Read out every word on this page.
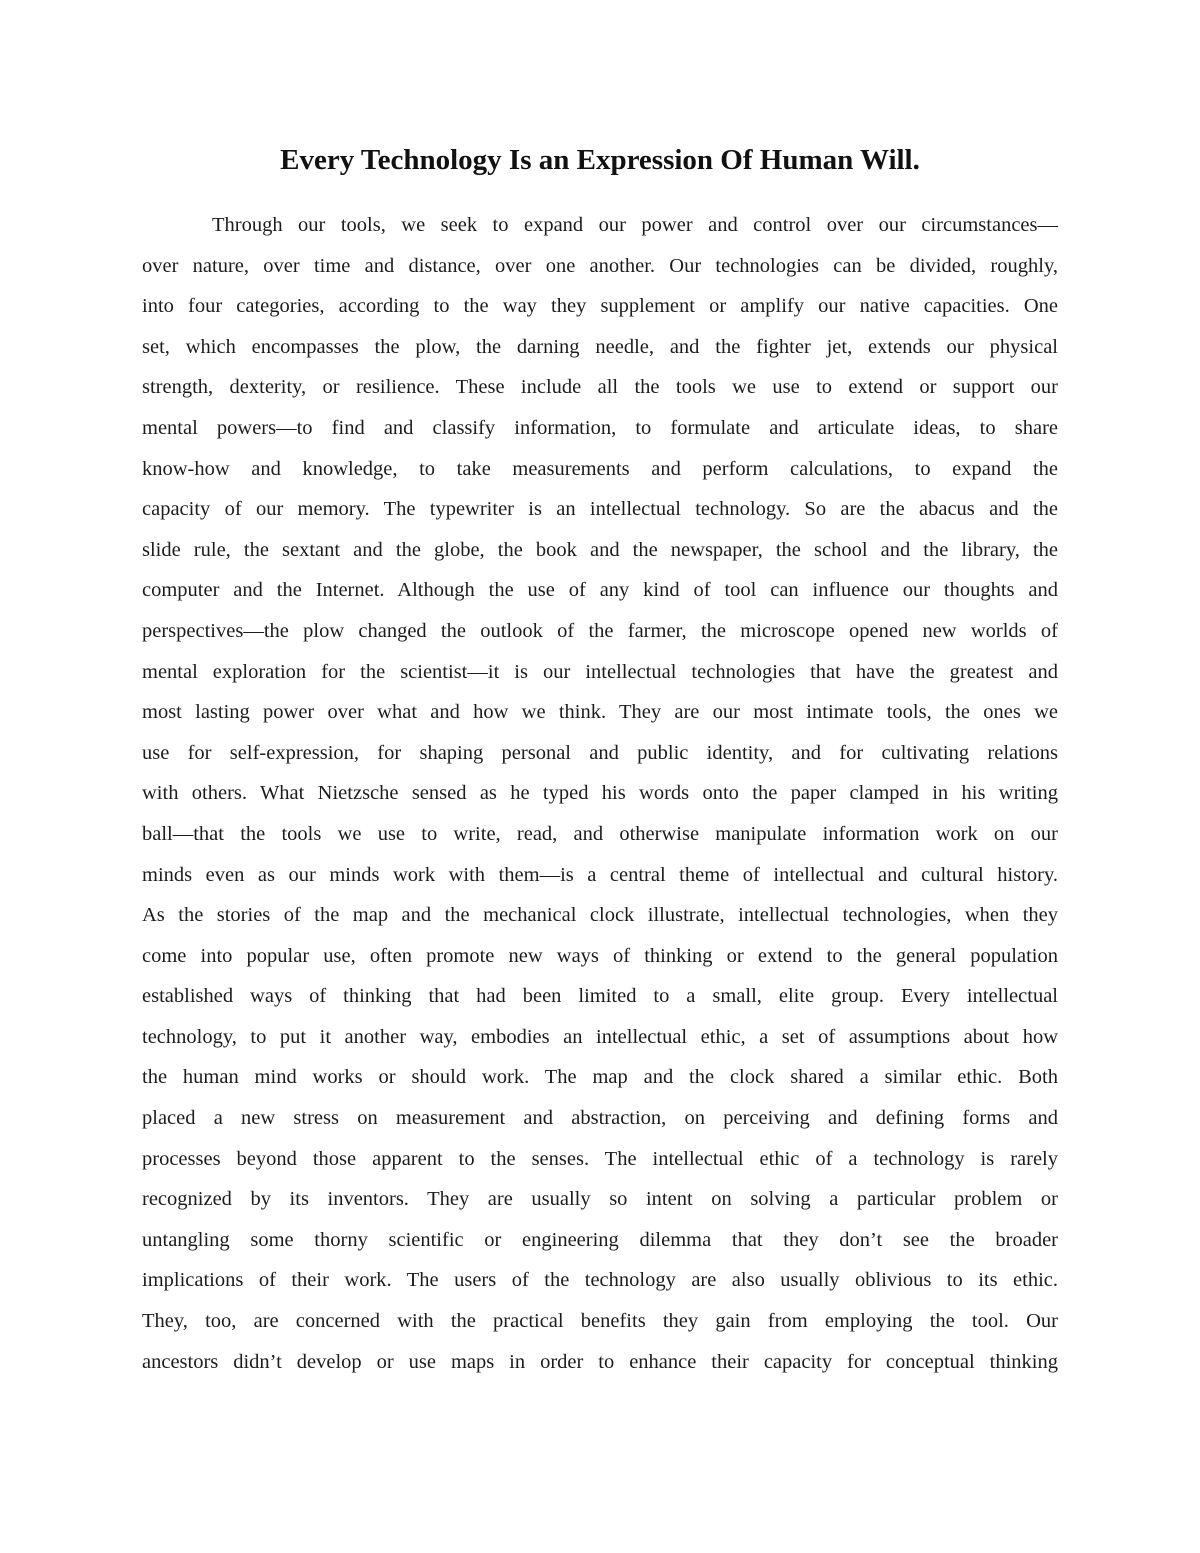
Every Technology Is an Expression Of Human Will.
Through our tools, we seek to expand our power and control over our circumstances—
over nature, over time and distance, over one another. Our technologies can be divided, roughly,
into four categories, according to the way they supplement or amplify our native capacities. One
set, which encompasses the plow, the darning needle, and the fighter jet, extends our physical
strength, dexterity, or resilience. These include all the tools we use to extend or support our
mental powers—to find and classify information, to formulate and articulate ideas, to share
know-how and knowledge, to take measurements and perform calculations, to expand the
capacity of our memory. The typewriter is an intellectual technology. So are the abacus and the
slide rule, the sextant and the globe, the book and the newspaper, the school and the library, the
computer and the Internet. Although the use of any kind of tool can influence our thoughts and
perspectives—the plow changed the outlook of the farmer, the microscope opened new worlds of
mental exploration for the scientist—it is our intellectual technologies that have the greatest and
most lasting power over what and how we think. They are our most intimate tools, the ones we
use for self-expression, for shaping personal and public identity, and for cultivating relations
with others. What Nietzsche sensed as he typed his words onto the paper clamped in his writing
ball—that the tools we use to write, read, and otherwise manipulate information work on our
minds even as our minds work with them—is a central theme of intellectual and cultural history.
As the stories of the map and the mechanical clock illustrate, intellectual technologies, when they
come into popular use, often promote new ways of thinking or extend to the general population
established ways of thinking that had been limited to a small, elite group. Every intellectual
technology, to put it another way, embodies an intellectual ethic, a set of assumptions about how
the human mind works or should work. The map and the clock shared a similar ethic. Both
placed a new stress on measurement and abstraction, on perceiving and defining forms and
processes beyond those apparent to the senses. The intellectual ethic of a technology is rarely
recognized by its inventors. They are usually so intent on solving a particular problem or
untangling some thorny scientific or engineering dilemma that they don’t see the broader
implications of their work. The users of the technology are also usually oblivious to its ethic.
They, too, are concerned with the practical benefits they gain from employing the tool. Our
ancestors didn’t develop or use maps in order to enhance their capacity for conceptual thinking
